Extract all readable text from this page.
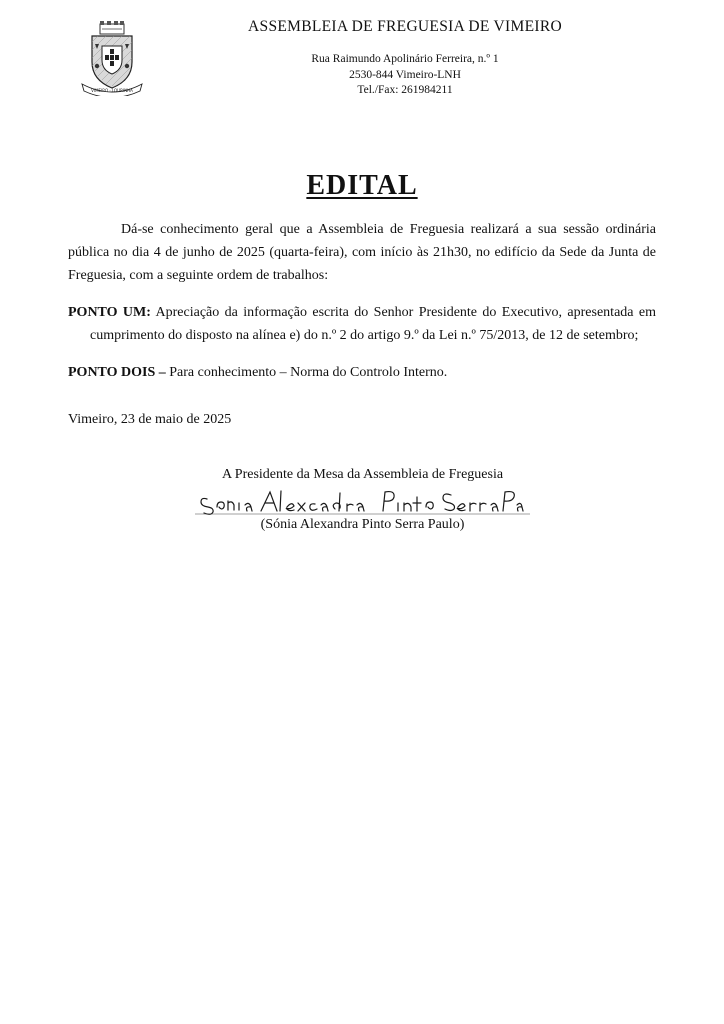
VIMEIRO · LOURINHÃ
ASSEMBLEIA DE FREGUESIA DE VIMEIRO
Rua Raimundo Apolinário Ferreira, n.º 1
2530-844 Vimeiro-LNH
Tel./Fax: 261984211
EDITAL

Dá-se conhecimento geral que a Assembleia de Freguesia realizará a sua sessão ordinária pública no dia 4 de junho de 2025 (quarta-feira), com início às 21h30, no edifício da Sede da Junta de Freguesia, com a seguinte ordem de trabalhos:

PONTO UM: Apreciação da informação escrita do Senhor Presidente do Executivo, apresentada em cumprimento do disposto na alínea e) do n.º 2 do artigo 9.º da Lei n.º 75/2013, de 12 de setembro;

PONTO DOIS – Para conhecimento – Norma do Controlo Interno.

Vimeiro, 23 de maio de 2025
A Presidente da Mesa da Assembleia de Freguesia
(Sónia Alexandra Pinto Serra Paulo)
